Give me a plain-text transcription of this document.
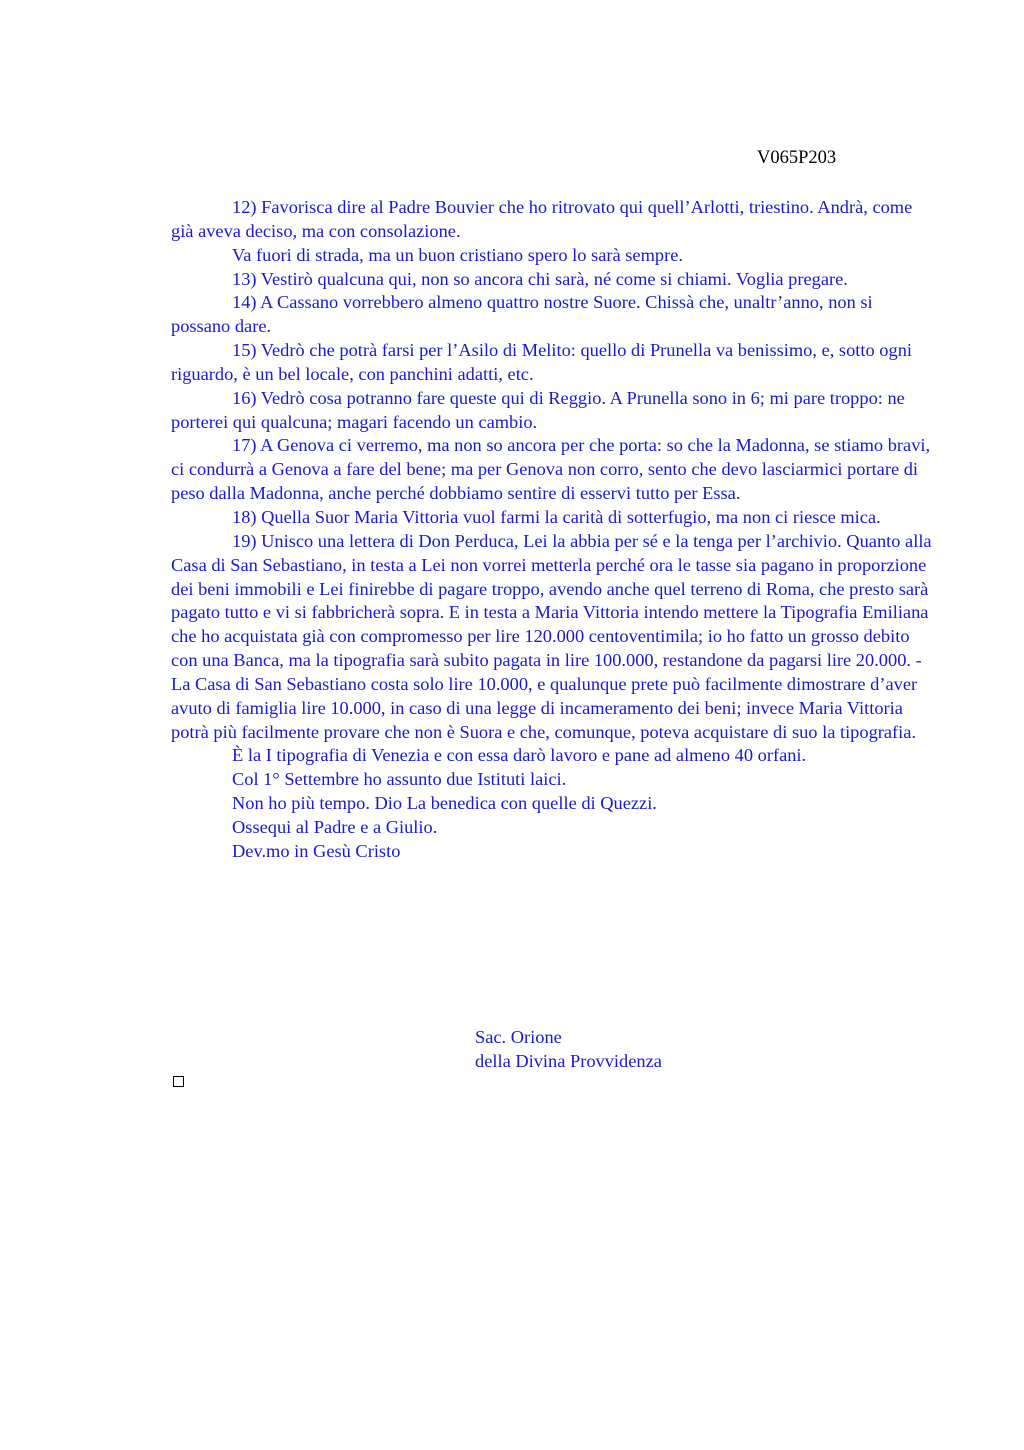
V065P203

12) Favorisca dire al Padre Bouvier che ho ritrovato qui quell’Arlotti, triestino. Andrà, come già aveva deciso, ma con consolazione.

Va fuori di strada, ma un buon cristiano spero lo sarà sempre.

13) Vestirò qualcuna qui, non so ancora chi sarà, né come si chiami. Voglia pregare.

14) A Cassano vorrebbero almeno quattro nostre Suore. Chissà che, unaltr’anno, non si possano dare.

15) Vedrò che potrà farsi per l’Asilo di Melito: quello di Prunella va benissimo, e, sotto ogni riguardo, è un bel locale, con panchini adatti, etc.

16) Vedrò cosa potranno fare queste qui di Reggio. A Prunella sono in 6; mi pare troppo: ne porterei qui qualcuna; magari facendo un cambio.

17) A Genova ci verremo, ma non so ancora per che porta: so che la Madonna, se stiamo bravi, ci condurrà a Genova a fare del bene; ma per Genova non corro, sento che devo lasciarmici portare di peso dalla Madonna, anche perché dobbiamo sentire di esservi tutto per Essa.

18) Quella Suor Maria Vittoria vuol farmi la carità di sotterfugio, ma non ci riesce mica.

19) Unisco una lettera di Don Perduca, Lei la abbia per sé e la tenga per l’archivio. Quanto alla Casa di San Sebastiano, in testa a Lei non vorrei metterla perché ora le tasse sia pagano in proporzione dei beni immobili e Lei finirebbe di pagare troppo, avendo anche quel terreno di Roma, che presto sarà pagato tutto e vi si fabbricherà sopra. E in testa a Maria Vittoria intendo mettere la Tipografia Emiliana che ho acquistata già con compromesso per lire 120.000 centoventimila; io ho fatto un grosso debito con una Banca, ma la tipografia sarà subito pagata in lire 100.000, restandone da pagarsi lire 20.000. - La Casa di San Sebastiano costa solo lire 10.000, e qualunque prete può facilmente dimostrare d’aver avuto di famiglia lire 10.000, in caso di una legge di incameramento dei beni; invece Maria Vittoria potrà più facilmente provare che non è Suora e che, comunque, poteva acquistare di suo la tipografia.

È la I tipografia di Venezia e con essa darò lavoro e pane ad almeno 40 orfani.

Col 1° Settembre ho assunto due Istituti laici.

Non ho più tempo. Dio La benedica con quelle di Quezzi.

Ossequi al Padre e a Giulio.

Dev.mo in Gesù Cristo

Sac. Orione
della Divina Provvidenza
